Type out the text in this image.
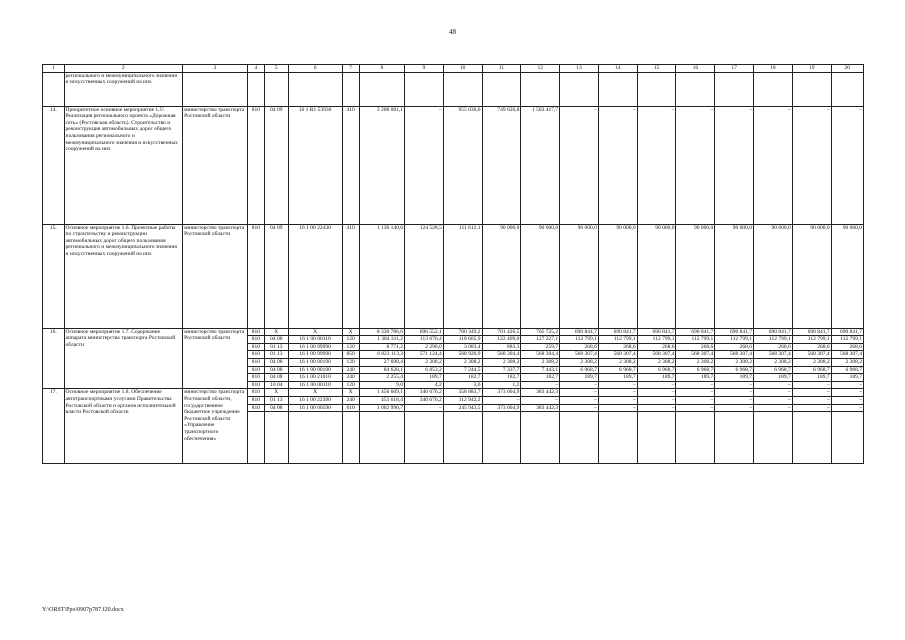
48
1	2	3	4	5	6	7	8	9	10	11	12	13	14	15	16	17	18	19	20
	регионального и межмуниципального значения и искусственных сооружений на них																		
14.	Приоритетное основное мероприятие 1.5¹. Реализация регионального проекта «Дорожная сеть» (Ростовская область). Строительство и реконструкция автомобильных дорог общего пользования регионального и межмуниципального значения и искусственных сооружений на них	министерство транспорта Ростовской области	810	04 09	16 1 R1 53930	410	3 208 081,1	–	955 036,6	749 626,8	1 503 417,7	–	–	–	–	–	–	–	–
15.	Основное мероприятие 1.6. Проектные работы по строительству и реконструкции автомобильных дорог общего пользования регионального и межмуниципального значения и искусственных сооружений на них	министерство транспорта Ростовской области	810	04 09	16 1 00 22430	410	1 136 140,6	124 528,5	111 612,1	90 000,0	90 000,0	90 000,0	90 000,0	90 000,0	90 000,0	90 000,0	90 000,0	90 000,0	90 000,0
16.	Основное мероприятие 1.7. Содержание аппарата министерства транспорта Ростовской области	министерство транспорта Ростовской области	810	X	X	X	8 330 786,6	696 552,1	700 349,2	701 426,5	705 725,2	690 841,7	690 841,7	690 841,7	690 841,7	690 841,7	690 841,7	690 841,7	690 841,7
			810	04 08	16 1 00 00110	120	1 384 311,2	113 676,4	118 605,9	122 409,0	127 227,1	112 799,1	112 799,1	112 799,1	112 799,1	112 799,1	112 799,1	112 799,1	112 799,1
			810	01 13	16 1 00 99990	120	8 771,2	2 296,0	3 083,4	883,3	259,7	268,6	268,6	268,6	268,6	268,6	268,6	268,6	268,6
			810	01 13	16 1 00 99990	850	6 823 113,3	571 124,4	568 920,9	568 304,4	568 304,4	568 307,4	568 307,4	568 307,4	568 307,4	568 307,4	568 307,4	568 307,4	568 307,4
			810	04 08	16 1 00 00190	120	27 698,4	2 308,2	2 308,2	2 308,2	2 308,2	2 308,2	2 308,2	2 308,2	2 308,2	2 308,2	2 308,2	2 308,2	2 308,2
			810	04 08	16 1 00 00190	240	84 628,1	6 853,2	7 244,5	7 337,7	7 443,1	6 968,7	6 968,7	6 968,7	6 968,7	6 968,7	6 968,7	6 968,7	6 968,7
			810	04 08	16 1 00 21010	240	2 255,4	189,7	182,7	182,7	182,7	189,7	189,7	189,7	189,7	189,7	189,7	189,7	189,7
			810	10 04	16 1 00 00110	120	9,0	4,2	3,6	1,2	–	–	–	–	–	–	–	–	–
17.	Основное мероприятие 1.8. Обеспечение автотранспортными услугами Правительства Ростовской области и органов исполнительной власти Ростовской области	министерство транспорта Ростовской области, государственное бюджетное учреждение Ростовской области «Управление транспортного обеспечения»	810	X	X	X	1 456 609,1	340 676,2	358 883,7	373 604,9	383 442,3	–	–	–	–	–	–	–	–
			810	01 13	16 1 00 22390	240	453 618,4	340 676,2	112 942,2	–	–	–	–	–	–	–	–	–	–
			810	04 08	16 1 00 00590	610	1 002 990,7	–	245 943,5	373 604,9	383 442,3	–	–	–	–	–	–	–	–

Y:\ORST\Ppo\0907p787.f20.docx
